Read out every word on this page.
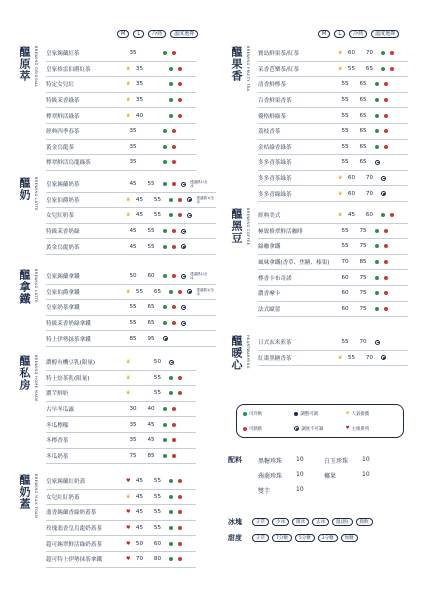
M	L	冷熱	溫度選擇	M	L	冷熱	溫度選擇
醞原萃 BREWING ORIGINAL 皇家錫蘭紅茶	35
皇家格雷伯爵紅茶	♛ 35
特定女兒紅	♛ 35
特級茉香綠茶	♛ 35
檸翠鮮活綠茶	♛ 40
經典四季春茶	35
黃金烏龍茶	35
檸翠鮮活烏龍綠茶	35
醞奶 BREWING LATTE 皇家錫蘭奶茶	45	55	建議熱1/全冰
皇家伯爵奶茶	♛ 45	55	建議熱1/全冰
女兒紅奶茶	♛ 45	55
特級茉香奶綠	45	55
黃金烏龍奶茶	45	55
醞拿鐵 BREWING LATTE 皇家錫蘭拿鐵	50	60	建議熱1/全冰
皇家伯爵拿鐵	♛ 55	65	建議熱1/全冰
皇家奶茶拿鐵	55	65
特級茉香奶綠拿鐵	55	65
特上伊勢抹茶拿鐵	85	95
醞私房 BREWING HOME MADE 濃醇有機豆乳(限量)	♛	50
特上焙茶乳(限量)	♛	55
濃芋鮮奶	♛	55
古早冬瓜露	30	40
冬瓜檸檬	35	45
冬檸香茶	35	45
冬瓜奶茶	75	85
醞奶蓋 BREWING MILK FOAM 皇家錫蘭紅奶蓋	♥ 45	55
女兒紅紅奶蓋	♛ 45	55
翡香錫蘭香綠奶蓋茶	♥ 45	55
玫瑰翡香皇烏龍奶蓋茶	♥ 45	55
超可錫翠鮮活綠奶蓋茶	♥ 50	60
超可特上伊勢抹茶拿鐵	♥ 70	80
醞果香 BREWING FRUITY TEA 寶島鮮果茶/紅茶	♛ 60	70
茉香芭樂茶/紅茶	♛ 55	65
清香鮮檸茶	55	65
百香鮮果香茶	55	65
優格鮮綠茶	55	65
荔枝香茶	55	65
金桔綠香綠茶	55	65
多多青茶綠茶	55	65
多多青茶綠茶	♛ 60	70
多多青綠綠茶	♛ 60	70
醞黑豆 BREWING COFFEE 經典美式	♛ 45	60
極致修翠鮮活咖啡	55	75
綠咖拿鐵	55	75
風味拿鐵(香草、焦糖、榛果)	70	85
檸香卡布奇諾	60	75
濃香摩卡	60	75
法式歐蕾	60	75
醞暖心 HEARTWARMING 日式玄米煎茶	55	70
紅棗黑糖香茶	♛ 55	70
可冷飲	調整可調	♛ 人氣推薦
可熱飲	調度不可調	♥ 主推系列
配料	黑糖珍珠	10	白玉珍珠	10
蒟蒻珍珠	10	椰果	10
雙芋	10
冰塊	正常	少冰	微冰	去冰	溫(熱)	熱飲
甜度	正常	7分糖	5分糖	3分糖	無糖
